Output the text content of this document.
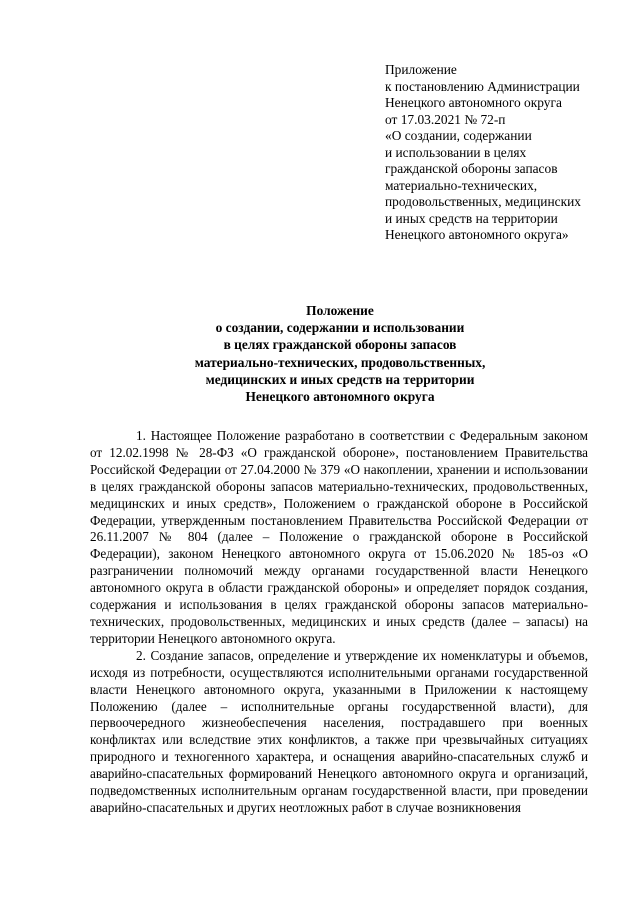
Приложение
к постановлению Администрации
Ненецкого автономного округа
от 17.03.2021 № 72-п
«О создании, содержании
и использовании в целях
гражданской обороны запасов
материально-технических,
продовольственных, медицинских
и иных средств на территории
Ненецкого автономного округа»
Положение
о создании, содержании и использовании
в целях гражданской обороны запасов
материально-технических, продовольственных,
медицинских и иных средств на территории
Ненецкого автономного округа

1. Настоящее Положение разработано в соответствии с Федеральным законом от 12.02.1998 № 28-ФЗ «О гражданской обороне», постановлением Правительства Российской Федерации от 27.04.2000 № 379 «О накоплении, хранении и использовании в целях гражданской обороны запасов материально-технических, продовольственных, медицинских и иных средств», Положением о гражданской обороне в Российской Федерации, утвержденным постановлением Правительства Российской Федерации от 26.11.2007 № 804 (далее – Положение о гражданской обороне в Российской Федерации), законом Ненецкого автономного округа от 15.06.2020 № 185-оз «О разграничении полномочий между органами государственной власти Ненецкого автономного округа в области гражданской обороны» и определяет порядок создания, содержания и использования в целях гражданской обороны запасов материально-технических, продовольственных, медицинских и иных средств (далее – запасы) на территории Ненецкого автономного округа.

2. Создание запасов, определение и утверждение их номенклатуры и объемов, исходя из потребности, осуществляются исполнительными органами государственной власти Ненецкого автономного округа, указанными в Приложении к настоящему Положению (далее – исполнительные органы государственной власти), для первоочередного жизнеобеспечения населения, пострадавшего при военных конфликтах или вследствие этих конфликтов, а также при чрезвычайных ситуациях природного и техногенного характера, и оснащения аварийно-спасательных служб и аварийно-спасательных формирований Ненецкого автономного округа и организаций, подведомственных исполнительным органам государственной власти, при проведении аварийно-спасательных и других неотложных работ в случае возникновения
